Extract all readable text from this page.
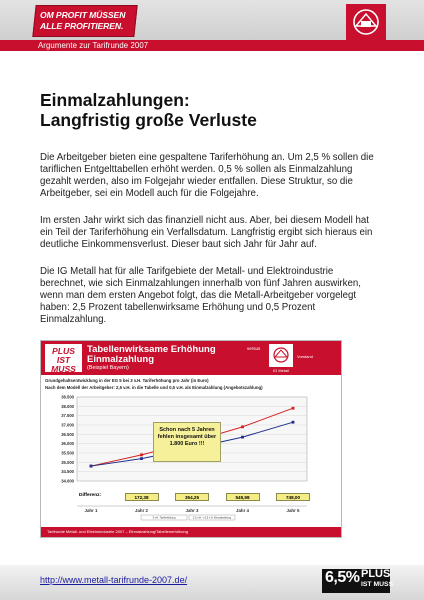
OM PROFIT MÜSSEN
ALLE PROFITIEREN.
Argumente zur Tarifrunde 2007
Einmalzahlungen:
Langfristig große Verluste
Die Arbeitgeber bieten eine gespaltene Tariferhöhung an. Um 2,5 % sollen die
tariflichen Entgelttabellen erhöht werden. 0,5 % sollen als Einmalzahlung
gezahlt werden, also im Folgejahr wieder entfallen. Diese Struktur, so die
Arbeitgeber, sei ein Modell auch für die Folgejahre.
Im ersten Jahr wirkt sich das finanziell nicht aus. Aber, bei diesem Modell hat
ein Teil der Tariferhöhung ein Verfallsdatum. Langfristig ergibt sich hieraus ein
deutliche Einkommensverlust. Dieser baut sich Jahr für Jahr auf.
Die IG Metall hat für alle Tarifgebiete der Metall- und Elektroindustrie
berechnet, wie sich Einmalzahlungen innerhalb von fünf Jahren auswirken,
wenn man dem ersten Angebot folgt, das die Metall-Arbeitgeber vorgelegt
haben: 2,5 Prozent tabellenwirksame Erhöhung und 0,5 Prozent
Einmalzahlung.
PLUS
IST MUSS
Tabellenwirksame Erhöhung
Einmalzahlung
versus
(Beispiel Bayern)
Vorstand
IG Metall
Grundgehaltsentwicklung in der EG 5 bei 3 v.H. Tariferhöhung pro Jahr (in Euro)
Nach dem Modell der Arbeitgeber: 2,5 v.H. in die Tabelle und 0,5 v.H. als Einmalzahlung (Angebotszahlung)
34.000
34.500
35.000
35.500
36.000
36.500
37.000
37.500
38.000
38.500
Jahr 1	Jahr 2	Jahr 3	Jahr 4	Jahr 5
3 v.H. Tariferhöhung	2,5 v.H. + 0,5 v.H. Einmalzahlung
Schon nach 5 Jahren
fehlen insgesamt über
1.800 Euro !!!
Differenz:	172,38	354,25	545,98	748,00
Tarifrunde Metall- und Elektroindustrie 2007 – Einmalzahlung/Tabellenerhöhung
http://www.metall-tarifrunde-2007.de/	6,5% PLUS
IST MUSS
